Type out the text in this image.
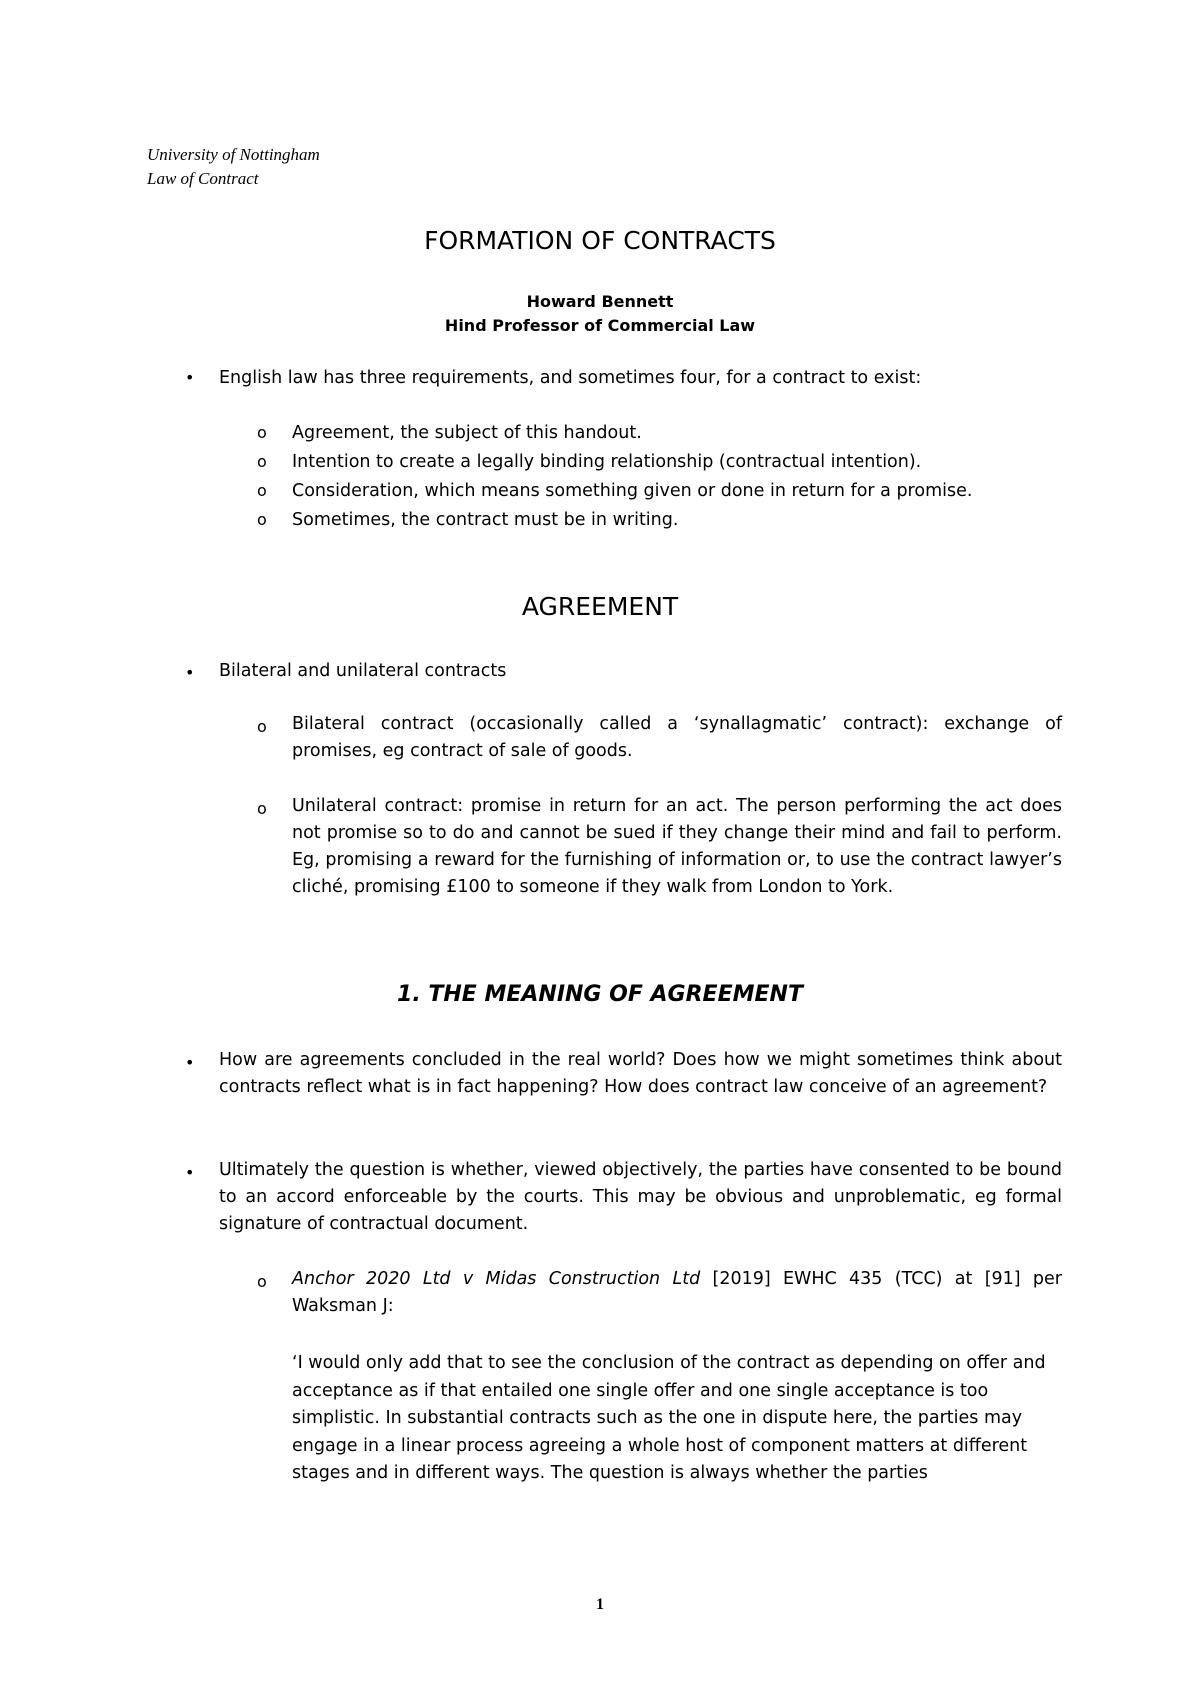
University of Nottingham
Law of Contract
FORMATION OF CONTRACTS
Howard Bennett
Hind Professor of Commercial Law
• English law has three requirements, and sometimes four, for a contract to exist:

o Agreement, the subject of this handout.

o Intention to create a legally binding relationship (contractual intention).

o Consideration, which means something given or done in return for a promise.

o Sometimes, the contract must be in writing.

AGREEMENT
• Bilateral and unilateral contracts

o Bilateral contract (occasionally called a ‘synallagmatic’ contract): exchange of promises, eg contract of sale of goods.

o Unilateral contract: promise in return for an act. The person performing the act does not promise so to do and cannot be sued if they change their mind and fail to perform. Eg, promising a reward for the furnishing of information or, to use the contract lawyer’s cliché, promising £100 to someone if they walk from London to York.

1. THE MEANING OF AGREEMENT
• How are agreements concluded in the real world? Does how we might sometimes think about contracts reflect what is in fact happening? How does contract law conceive of an agreement?

• Ultimately the question is whether, viewed objectively, the parties have consented to be bound to an accord enforceable by the courts. This may be obvious and unproblematic, eg formal signature of contractual document.

o Anchor 2020 Ltd v Midas Construction Ltd [2019] EWHC 435 (TCC) at [91] per Waksman J:

‘I would only add that to see the conclusion of the contract as depending on offer and acceptance as if that entailed one single offer and one single acceptance is too simplistic. In substantial contracts such as the one in dispute here, the parties may engage in a linear process agreeing a whole host of component matters at different stages and in different ways. The question is always whether the parties

1
